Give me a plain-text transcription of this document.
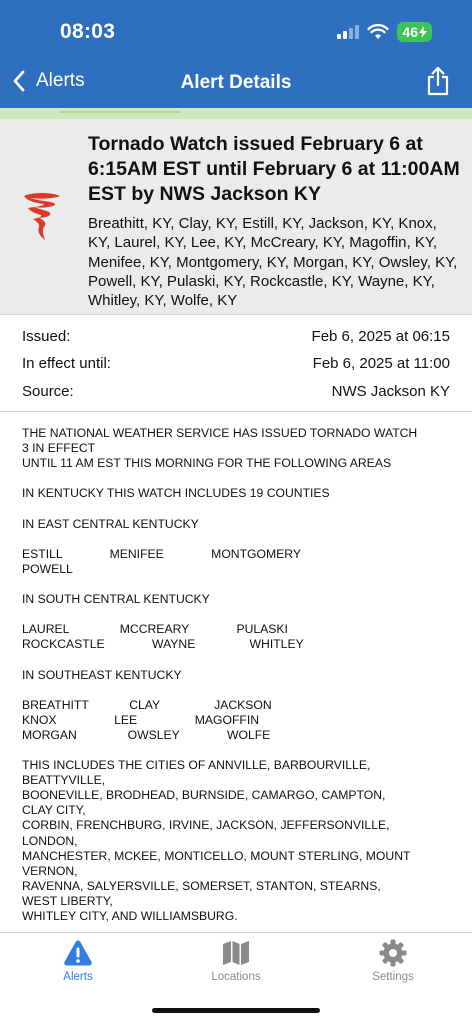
08:03	46
Alerts	Alert Details
Tornado Watch issued February 6 at 6:15AM EST until February 6 at 11:00AM EST by NWS Jackson KY
Breathitt, KY, Clay, KY, Estill, KY, Jackson, KY, Knox, KY, Laurel, KY, Lee, KY, McCreary, KY, Magoffin, KY, Menifee, KY, Montgomery, KY, Morgan, KY, Owsley, KY, Powell, KY, Pulaski, KY, Rockcastle, KY, Wayne, KY, Whitley, KY, Wolfe, KY
Issued:	Feb 6, 2025 at 06:15
In effect until:	Feb 6, 2025 at 11:00
Source:	NWS Jackson KY
THE NATIONAL WEATHER SERVICE HAS ISSUED TORNADO WATCH
3 IN EFFECT
UNTIL 11 AM EST THIS MORNING FOR THE FOLLOWING AREAS

IN KENTUCKY THIS WATCH INCLUDES 19 COUNTIES

IN EAST CENTRAL KENTUCKY

ESTILL              MENIFEE              MONTGOMERY
POWELL

IN SOUTH CENTRAL KENTUCKY

LAUREL               MCCREARY              PULASKI
ROCKCASTLE              WAYNE                WHITLEY

IN SOUTHEAST KENTUCKY

BREATHITT            CLAY                JACKSON
KNOX                 LEE                 MAGOFFIN
MORGAN               OWSLEY              WOLFE

THIS INCLUDES THE CITIES OF ANNVILLE, BARBOURVILLE,
BEATTYVILLE,
BOONEVILLE, BRODHEAD, BURNSIDE, CAMARGO, CAMPTON,
CLAY CITY,
CORBIN, FRENCHBURG, IRVINE, JACKSON, JEFFERSONVILLE,
LONDON,
MANCHESTER, MCKEE, MONTICELLO, MOUNT STERLING, MOUNT
VERNON,
RAVENNA, SALYERSVILLE, SOMERSET, STANTON, STEARNS,
WEST LIBERTY,
WHITLEY CITY, AND WILLIAMSBURG.
Alerts	Locations	Settings
